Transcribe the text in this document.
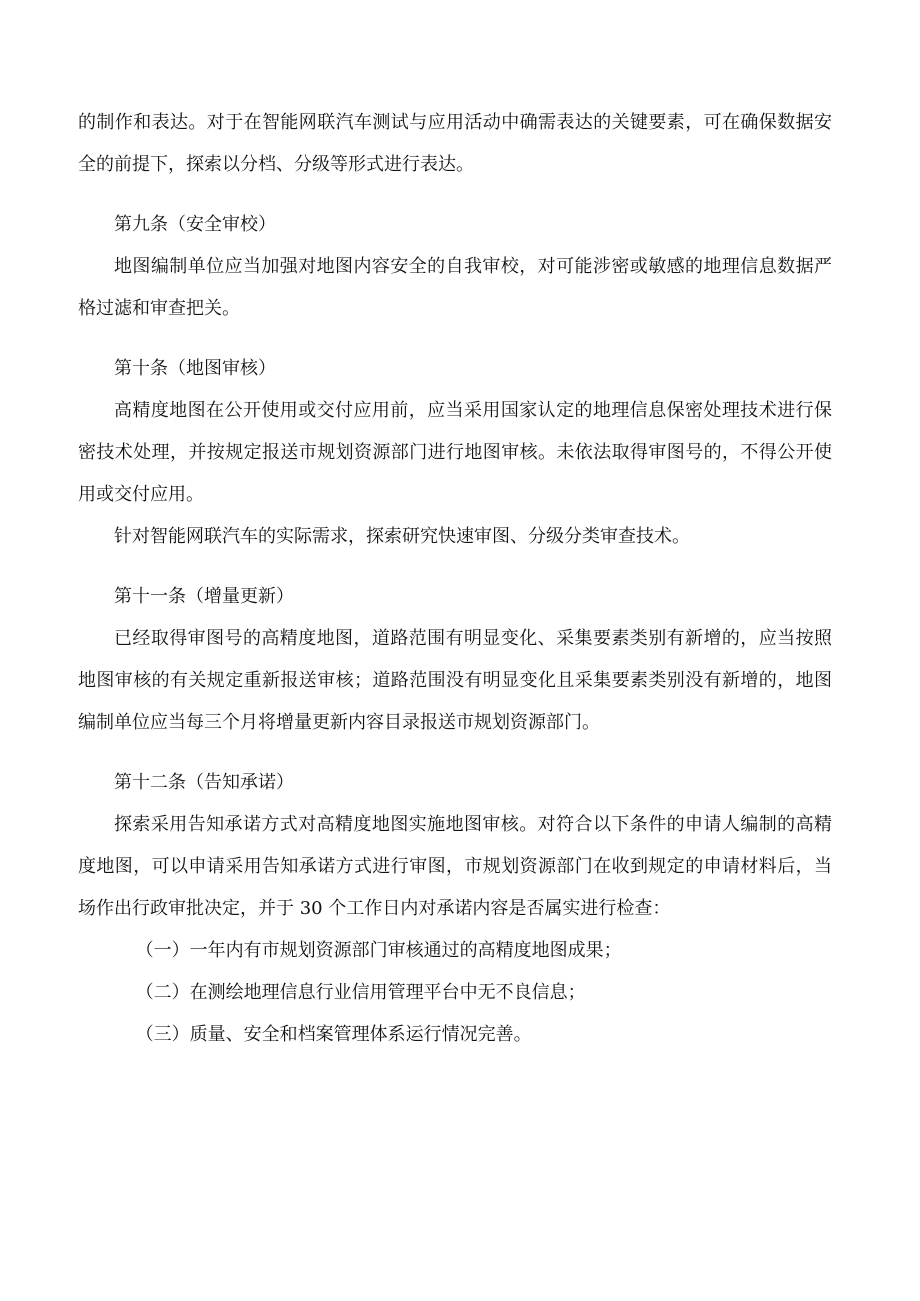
的制作和表达。对于在智能网联汽车测试与应用活动中确需表达的关键要素，可在确保数据安全的前提下，探索以分档、分级等形式进行表达。

第九条（安全审校）

地图编制单位应当加强对地图内容安全的自我审校，对可能涉密或敏感的地理信息数据严格过滤和审查把关。

第十条（地图审核）

高精度地图在公开使用或交付应用前，应当采用国家认定的地理信息保密处理技术进行保密技术处理，并按规定报送市规划资源部门进行地图审核。未依法取得审图号的，不得公开使用或交付应用。

针对智能网联汽车的实际需求，探索研究快速审图、分级分类审查技术。

第十一条（增量更新）

已经取得审图号的高精度地图，道路范围有明显变化、采集要素类别有新增的，应当按照地图审核的有关规定重新报送审核；道路范围没有明显变化且采集要素类别没有新增的，地图编制单位应当每三个月将增量更新内容目录报送市规划资源部门。

第十二条（告知承诺）

探索采用告知承诺方式对高精度地图实施地图审核。对符合以下条件的申请人编制的高精度地图，可以申请采用告知承诺方式进行审图，市规划资源部门在收到规定的申请材料后，当场作出行政审批决定，并于 30 个工作日内对承诺内容是否属实进行检查：

（一）一年内有市规划资源部门审核通过的高精度地图成果；

（二）在测绘地理信息行业信用管理平台中无不良信息；

（三）质量、安全和档案管理体系运行情况完善。
